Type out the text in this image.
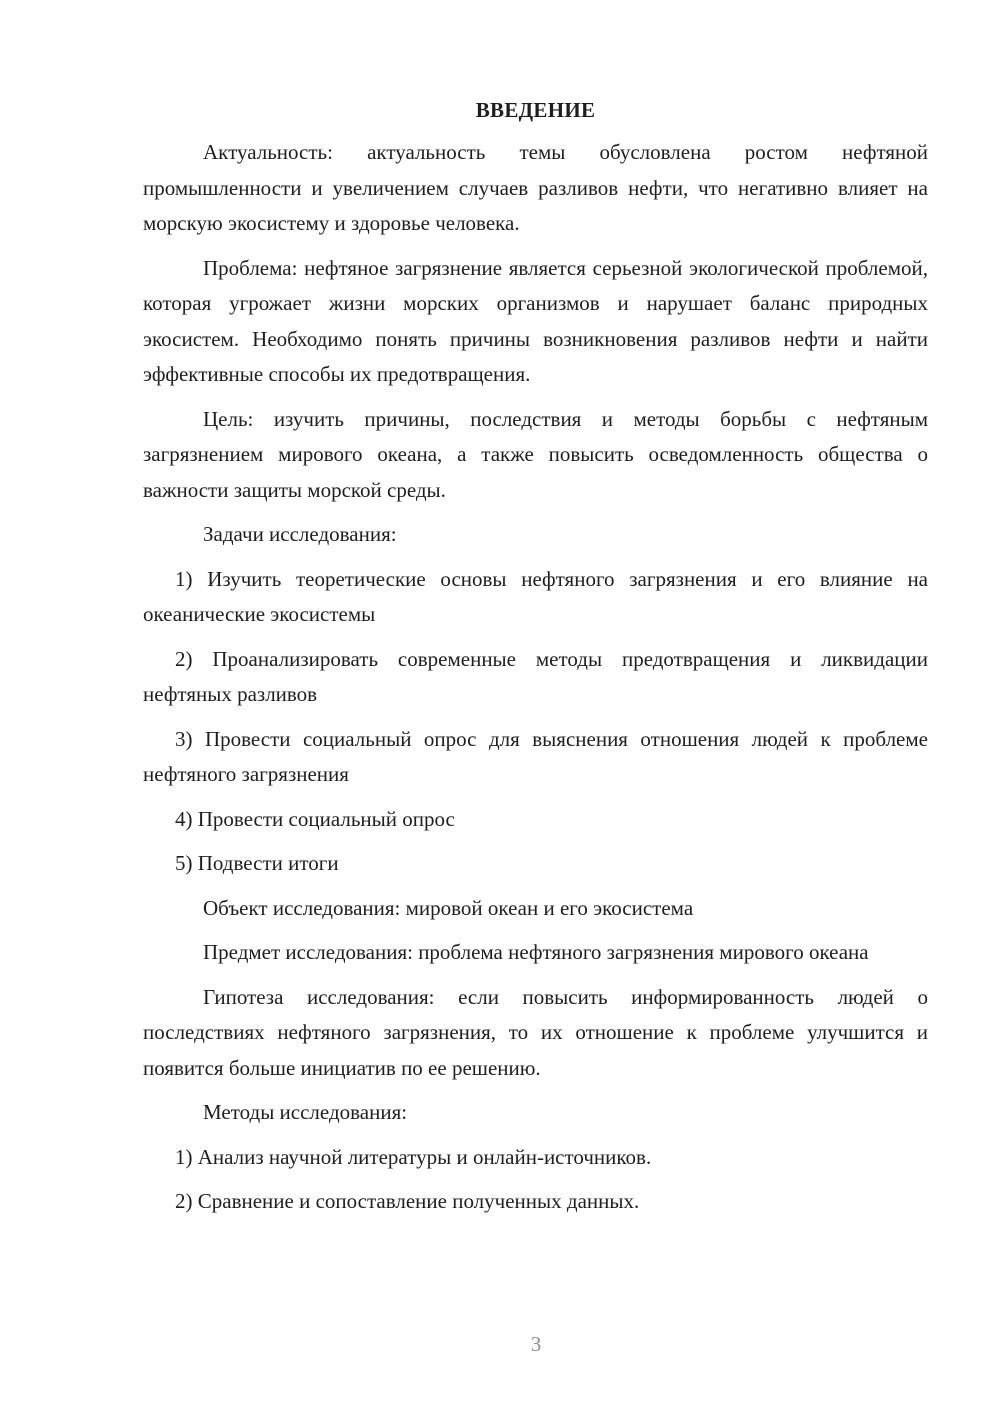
ВВЕДЕНИЕ

Актуальность: актуальность темы обусловлена ростом нефтяной промышленности и увеличением случаев разливов нефти, что негативно влияет на морскую экосистему и здоровье человека.

Проблема: нефтяное загрязнение является серьезной экологической проблемой, которая угрожает жизни морских организмов и нарушает баланс природных экосистем. Необходимо понять причины возникновения разливов нефти и найти эффективные способы их предотвращения.

Цель: изучить причины, последствия и методы борьбы с нефтяным загрязнением мирового океана, а также повысить осведомленность общества о важности защиты морской среды.

Задачи исследования:

1) Изучить теоретические основы нефтяного загрязнения и его влияние на океанические экосистемы

2) Проанализировать современные методы предотвращения и ликвидации нефтяных разливов

3) Провести социальный опрос для выяснения отношения людей к проблеме нефтяного загрязнения

4) Провести социальный опрос

5) Подвести итоги

Объект исследования: мировой океан и его экосистема

Предмет исследования: проблема нефтяного загрязнения мирового океана

Гипотеза исследования: если повысить информированность людей о последствиях нефтяного загрязнения, то их отношение к проблеме улучшится и появится больше инициатив по ее решению.

Методы исследования:

1) Анализ научной литературы и онлайн-источников.

2) Сравнение и сопоставление полученных данных.

3
